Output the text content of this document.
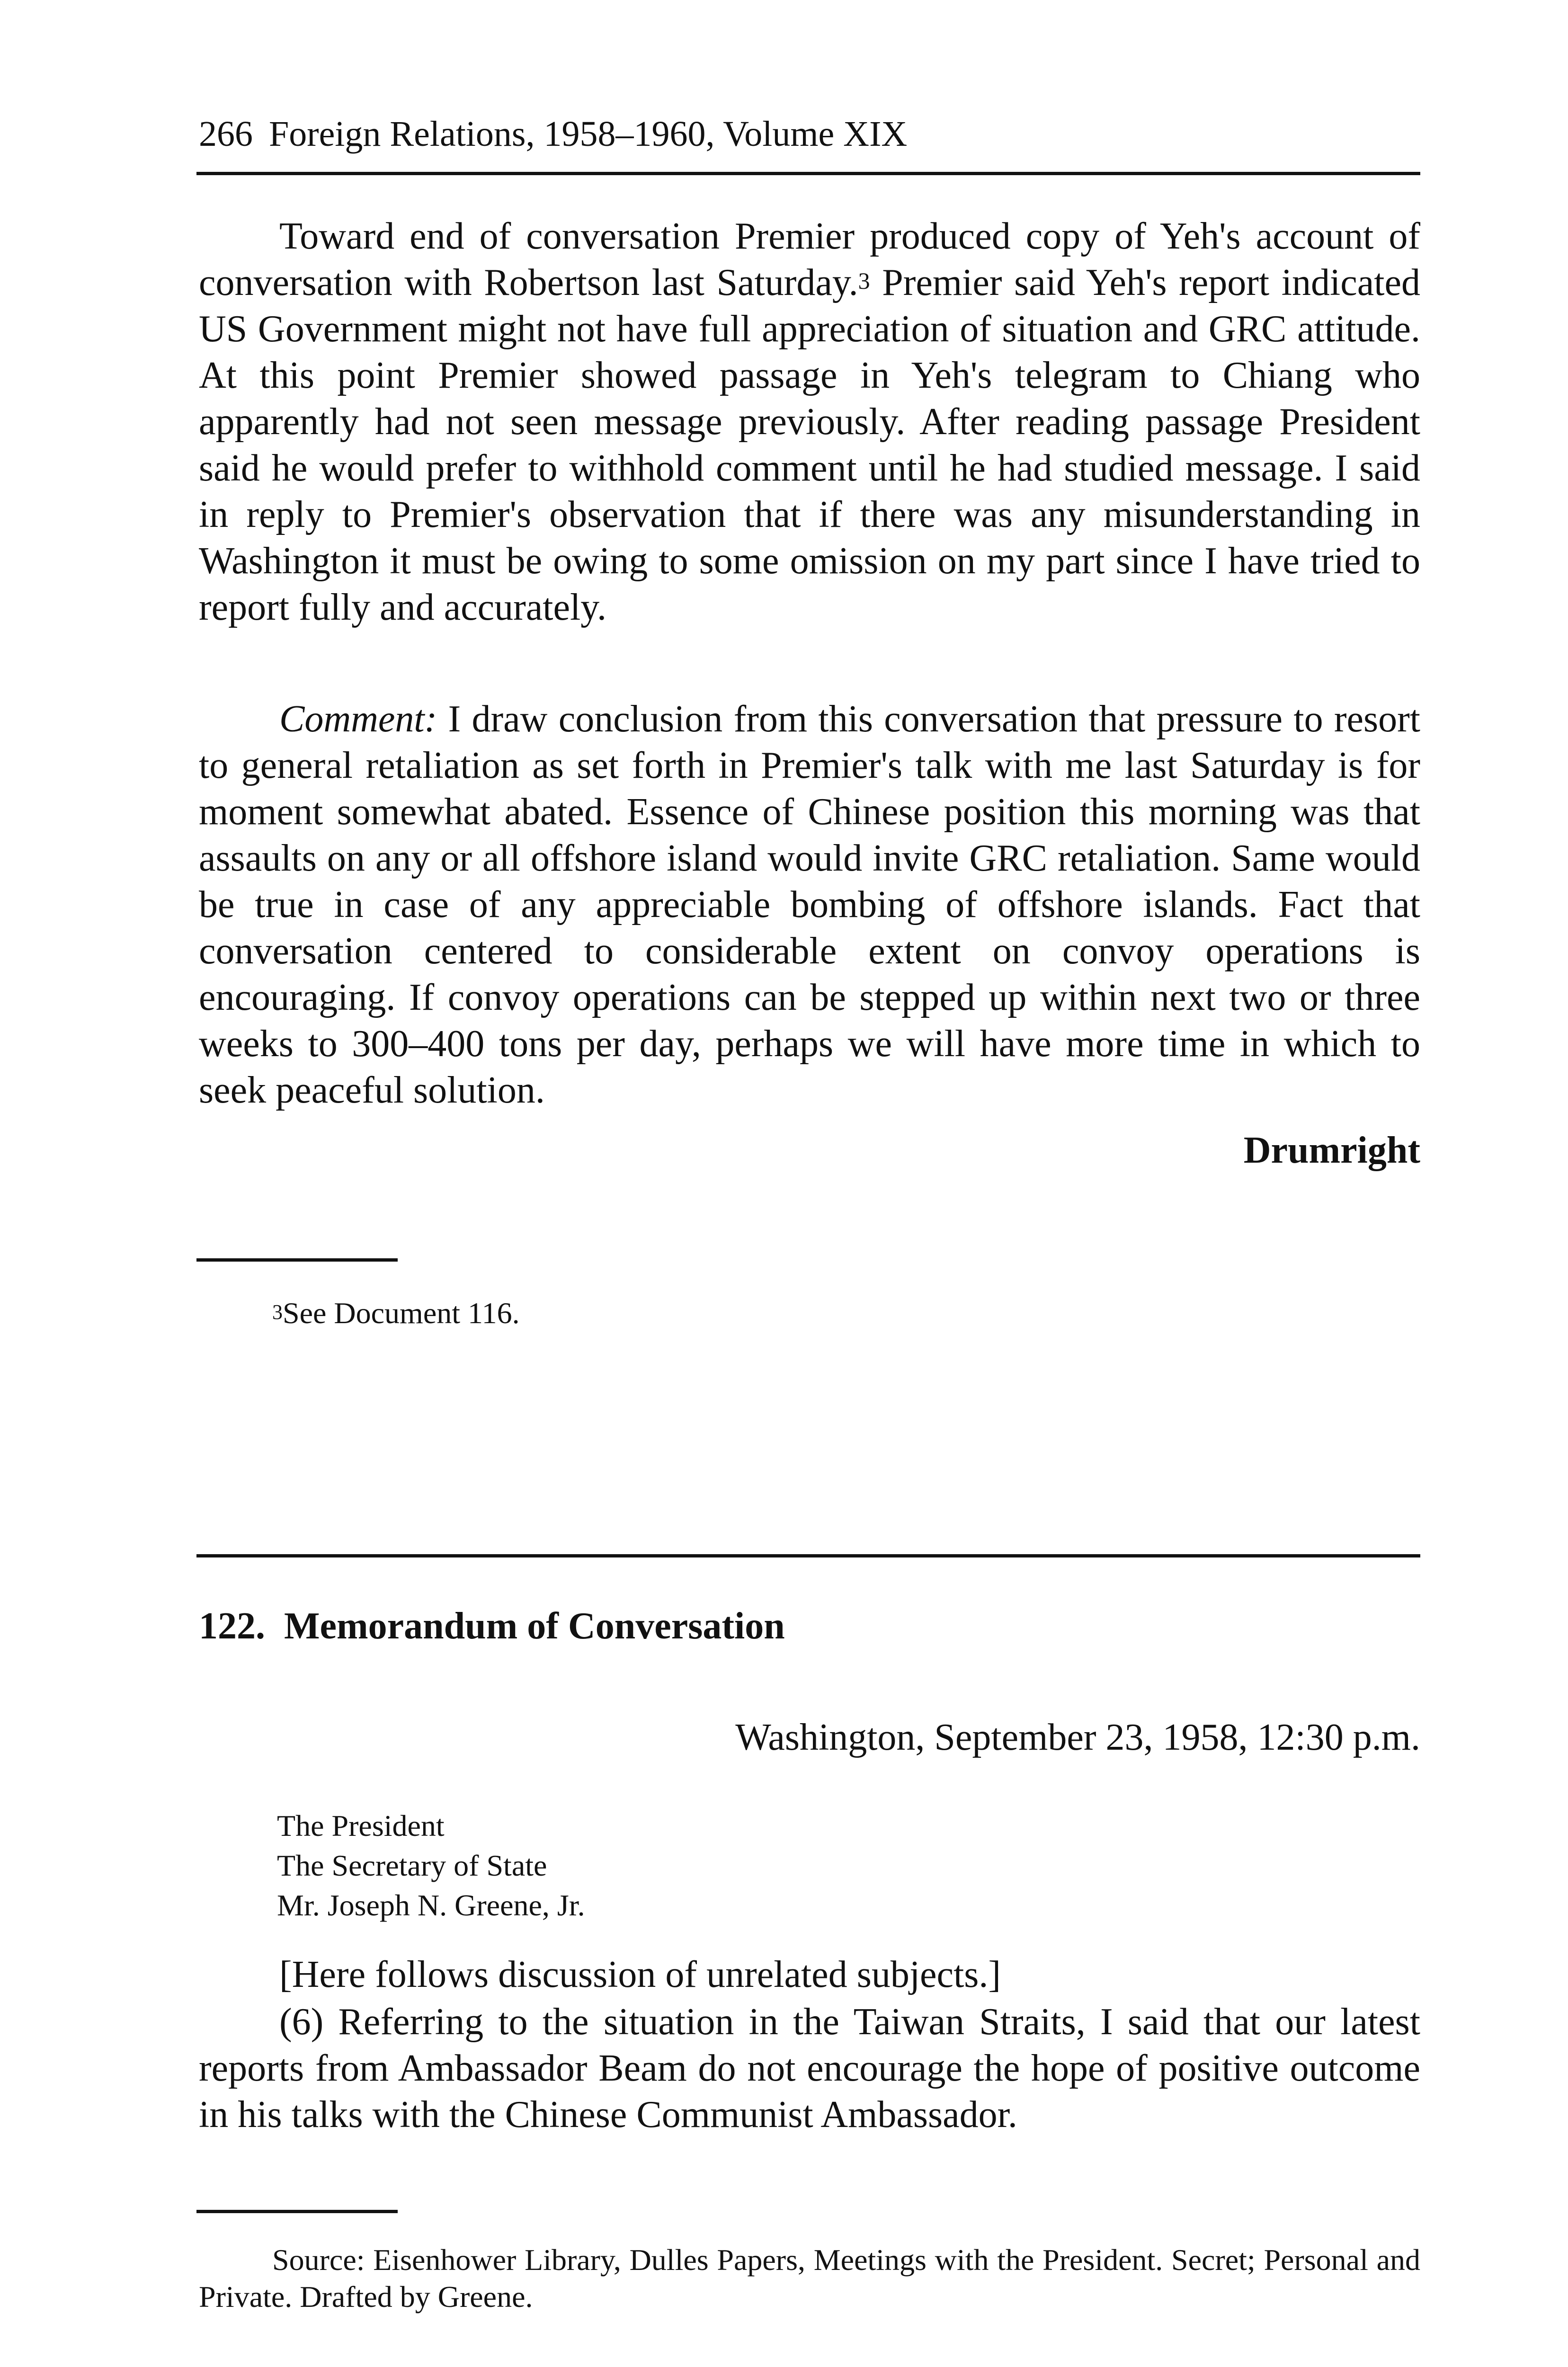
266 Foreign Relations, 1958–1960, Volume XIX

Toward end of conversation Premier produced copy of Yeh's account of conversation with Robertson last Saturday.$^3$ Premier said Yeh's report indicated US Government might not have full appreciation of situation and GRC attitude. At this point Premier showed passage in Yeh's telegram to Chiang who apparently had not seen message previously. After reading passage President said he would prefer to withhold comment until he had studied message. I said in reply to Premier's observation that if there was any misunderstanding in Washington it must be owing to some omission on my part since I have tried to report fully and accurately.

Comment: I draw conclusion from this conversation that pressure to resort to general retaliation as set forth in Premier's talk with me last Saturday is for moment somewhat abated. Essence of Chinese position this morning was that assaults on any or all offshore island would invite GRC retaliation. Same would be true in case of any appreciable bombing of offshore islands. Fact that conversation centered to considerable extent on convoy operations is encouraging. If convoy operations can be stepped up within next two or three weeks to 300–400 tons per day, perhaps we will have more time in which to seek peaceful solution.

Drumright

$^3$See Document 116.

122. Memorandum of Conversation
Washington, September 23, 1958, 12:30 p.m.
The President
The Secretary of State
Mr. Joseph N. Greene, Jr.

[Here follows discussion of unrelated subjects.]

(6) Referring to the situation in the Taiwan Straits, I said that our latest reports from Ambassador Beam do not encourage the hope of positive outcome in his talks with the Chinese Communist Ambassador.

Source: Eisenhower Library, Dulles Papers, Meetings with the President. Secret; Personal and Private. Drafted by Greene.
